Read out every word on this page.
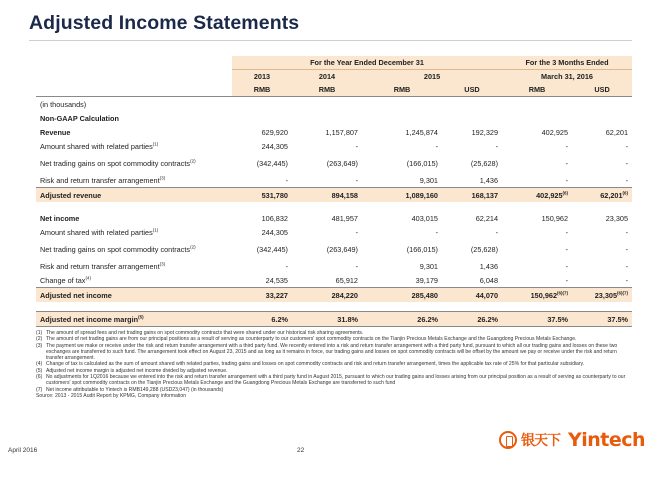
Adjusted Income Statements
	For the Year Ended December 31				For the 3 Months Ended	
	2013	2014	2015		March 31, 2016	
	RMB	RMB	RMB	USD	RMB	USD
(in thousands)						
Non-GAAP Calculation						
Revenue	629,920	1,157,807	1,245,874	192,329	402,925	62,201
Amount shared with related parties$^{(1)}$	244,305	-	-	-	-	-
Net trading gains on spot commodity contracts$^{(2)}$	(342,445)	(263,649)	(166,015)	(25,628)	-	-
Risk and return transfer arrangement$^{(3)}$	-	-	9,301	1,436	-	-
Adjusted revenue	531,780	894,158	1,089,160	168,137	402,925$^{(6)}$	62,201$^{(6)}$

Net income	106,832	481,957	403,015	62,214	150,962	23,305
Amount shared with related parties$^{(1)}$	244,305	-	-	-	-	-
Net trading gains on spot commodity contracts$^{(2)}$	(342,445)	(263,649)	(166,015)	(25,628)	-	-
Risk and return transfer arrangement$^{(3)}$	-	-	9,301	1,436	-	-
Change of tax$^{(4)}$	24,535	65,912	39,179	6,048	-	-
Adjusted net income	33,227	284,220	285,480	44,070	$150,962^{(6)(7)}$	$23,305^{(6)(7)}$

Adjusted net income margin$^{(5)}$	6.2%	31.8%	26.2%	26.2%	37.5%	37.5%
(1) The amount of spread fees and net trading gains on spot commodity contracts that were shared under our historical risk sharing agreements.
(2) The amount of net trading gains are from our principal positions as a result of serving as counterparty to our customers' spot commodity contracts on the Tianjin Precious Metals Exchange and the Guangdong Precious Metals Exchange.
(3) The payment we make or receive under the risk and return transfer arrangement with a third party fund. We recently entered into a risk and return transfer arrangement with a third party fund, pursuant to which all our trading gains and losses on these two exchanges are transferred to such fund. The arrangement took effect on August 23, 2015 and as long as it remains in force, our trading gains and losses on spot commodity contracts will be offset by the amount we pay or receive under the risk and return transfer arrangement.
(4) Change of tax is calculated as the sum of amount shared with related parties, trading gains and losses on spot commodity contracts and risk and return transfer arrangement, times the applicable tax rate of 25% for that particular subsidiary.
(5) Adjusted net income margin is adjusted net income divided by adjusted revenue.
(6) No adjustments for 1Q2016 because we entered into the risk and return transfer arrangement with a third party fund in August 2015, pursuant to which our trading gains and losses arising from our principal position as a result of serving as counterparty to our customers' spot commodity contracts on the Tianjin Precious Metals Exchange and the Guangdong Precious Metals Exchange are transferred to such fund
(7) Net income attributable to Yintech is RMB149,288 (USD23,047) (in thousands)
Source: 2013 - 2015 Audit Report by KPMG, Company information
银天下 Yintech
April 2016	22
